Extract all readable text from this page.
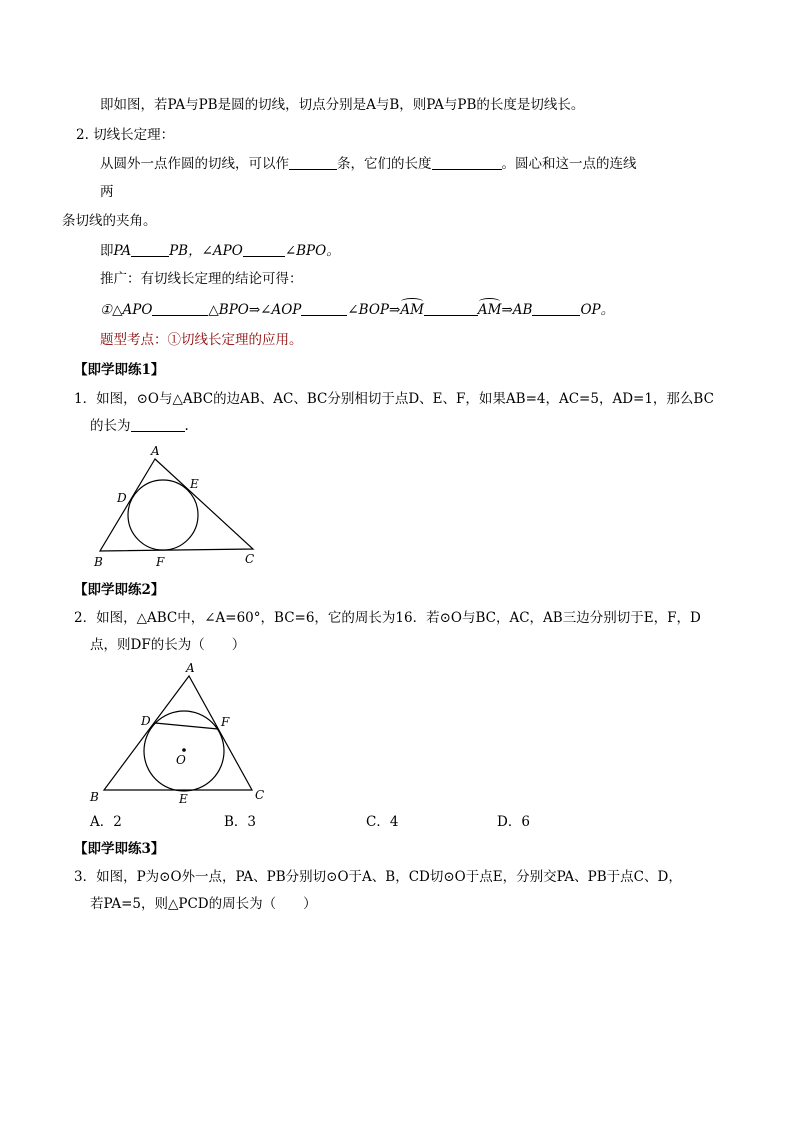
即如图，若PA与PB是圆的切线，切点分别是A与B，则PA与PB的长度是切线长。
2. 切线长定理：
从圆外一点作圆的切线，可以作	条，它们的长度	。圆心和这一点的连线
两
条切线的夹角。
即PA	PB，∠APO	∠BPO。
推广：有切线长定理的结论可得：
①△APO	△BPO⇒∠AOP	∠BOP⇒AM	AM⇒AB	OP。
题型考点：①切线长定理的应用。
【即学即练1】
1．如图，⊙O与△ABC的边AB、AC、BC分别相切于点D、E、F，如果AB=4，AC=5，AD=1，那么BC
的长为	.
A
B	C
D
E
F
【即学即练2】
2．如图，△ABC中，∠A=60°，BC=6，它的周长为16．若⊙O与BC，AC，AB三边分别切于E，F，D
点，则DF的长为（　　）
A
B	C
D
E
F
O
A．2	B．3	C．4	D．6
【即学即练3】
3．如图，P为⊙O外一点，PA、PB分别切⊙O于A、B，CD切⊙O于点E，分别交PA、PB于点C、D，
若PA=5，则△PCD的周长为（　　）
